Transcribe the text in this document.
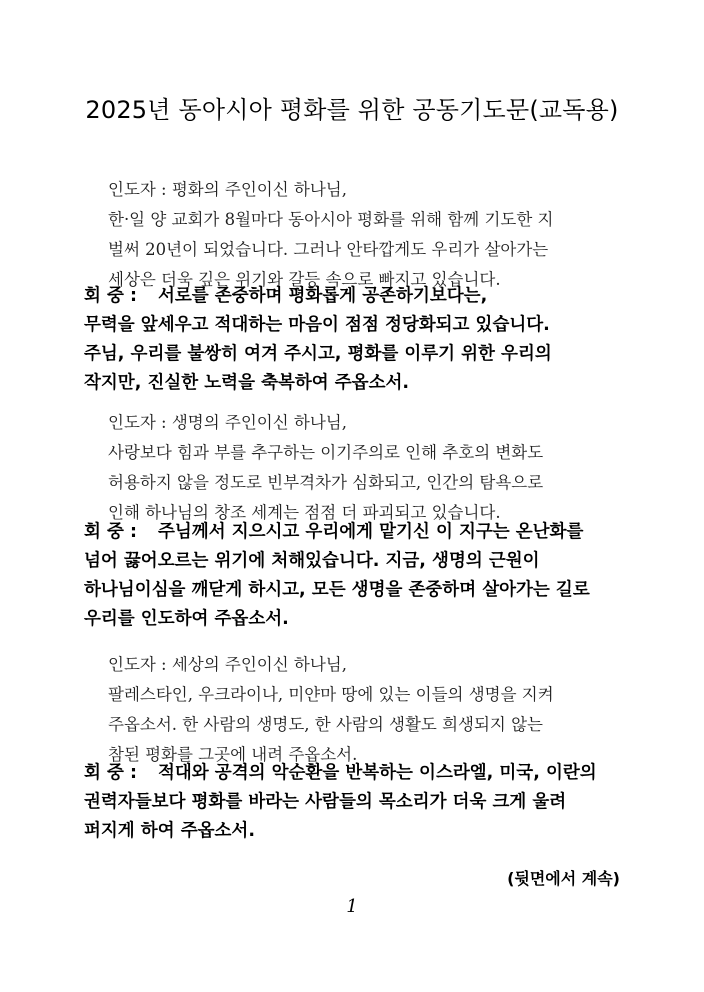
2025년 동아시아 평화를 위한 공동기도문(교독용)

인도자 : 평화의 주인이신 하나님,

한·일 양 교회가 8월마다 동아시아 평화를 위해 함께 기도한 지

벌써 20년이 되었습니다. 그러나 안타깝게도 우리가 살아가는

세상은 더욱 깊은 위기와 갈등 속으로 빠지고 있습니다.

회 중 : 서로를 존중하며 평화롭게 공존하기보다는,

무력을 앞세우고 적대하는 마음이 점점 정당화되고 있습니다.

주님, 우리를 불쌍히 여겨 주시고, 평화를 이루기 위한 우리의

작지만, 진실한 노력을 축복하여 주옵소서.

인도자 : 생명의 주인이신 하나님,

사랑보다 힘과 부를 추구하는 이기주의로 인해 추호의 변화도

허용하지 않을 정도로 빈부격차가 심화되고, 인간의 탐욕으로

인해 하나님의 창조 세계는 점점 더 파괴되고 있습니다.

회 중 : 주님께서 지으시고 우리에게 맡기신 이 지구는 온난화를

넘어 끓어오르는 위기에 처해있습니다. 지금, 생명의 근원이

하나님이심을 깨닫게 하시고, 모든 생명을 존중하며 살아가는 길로

우리를 인도하여 주옵소서.

인도자 : 세상의 주인이신 하나님,

팔레스타인, 우크라이나, 미얀마 땅에 있는 이들의 생명을 지켜

주옵소서. 한 사람의 생명도, 한 사람의 생활도 희생되지 않는

참된 평화를 그곳에 내려 주옵소서.

회 중 : 적대와 공격의 악순환을 반복하는 이스라엘, 미국, 이란의

권력자들보다 평화를 바라는 사람들의 목소리가 더욱 크게 울려

퍼지게 하여 주옵소서.

(뒷면에서 계속)
1
